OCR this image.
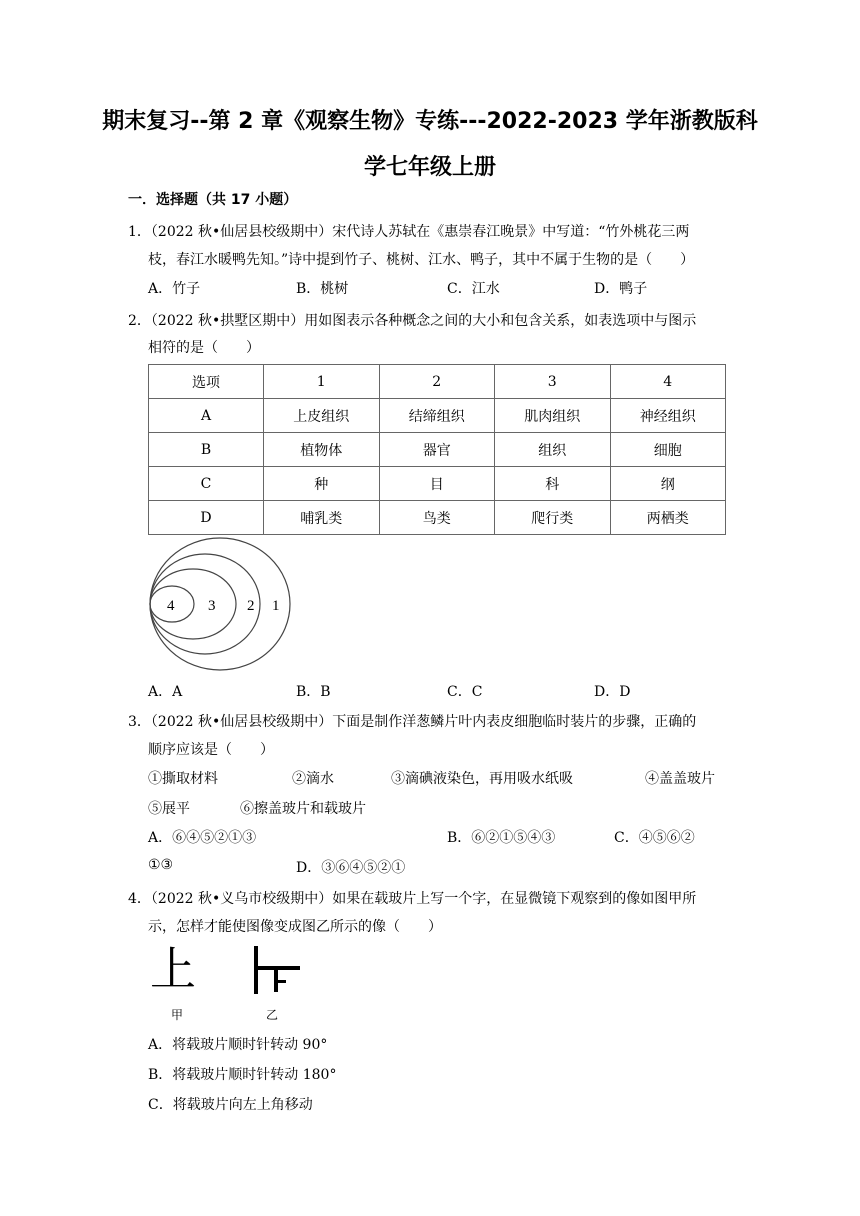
期末复习--第 2 章《观察生物》专练---2022-2023 学年浙教版科
学七年级上册
一．选择题（共 17 小题）
1．（2022 秋•仙居县校级期中）宋代诗人苏轼在《惠崇春江晚景》中写道：“竹外桃花三两
枝，春江水暖鸭先知。”诗中提到竹子、桃树、江水、鸭子，其中不属于生物的是（　　）
A．竹子	B．桃树	C．江水	D．鸭子
2．（2022 秋•拱墅区期中）用如图表示各种概念之间的大小和包含关系，如表选项中与图示
相符的是（　　）
选项	1	2	3	4
A	上皮组织	结缔组织	肌肉组织	神经组织
B	植物体	器官	组织	细胞
C	种	目	科	纲
D	哺乳类	鸟类	爬行类	两栖类
4 3 2 1
A．A	B．B	C．C	D．D
3．（2022 秋•仙居县校级期中）下面是制作洋葱鳞片叶内表皮细胞临时装片的步骤，正确的
顺序应该是（　　）
①撕取材料	②滴水	③滴碘液染色，再用吸水纸吸	④盖盖玻片
⑤展平	⑥擦盖玻片和载玻片
A．⑥④⑤②①③	B．⑥②①⑤④③	C．④⑤⑥②
①③	D．③⑥④⑤②①
4．（2022 秋•义乌市校级期中）如果在载玻片上写一个字，在显微镜下观察到的像如图甲所
示，怎样才能使图像变成图乙所示的像（　　）
上
甲	乙
A．将载玻片顺时针转动 90°
B．将载玻片顺时针转动 180°
C．将载玻片向左上角移动
